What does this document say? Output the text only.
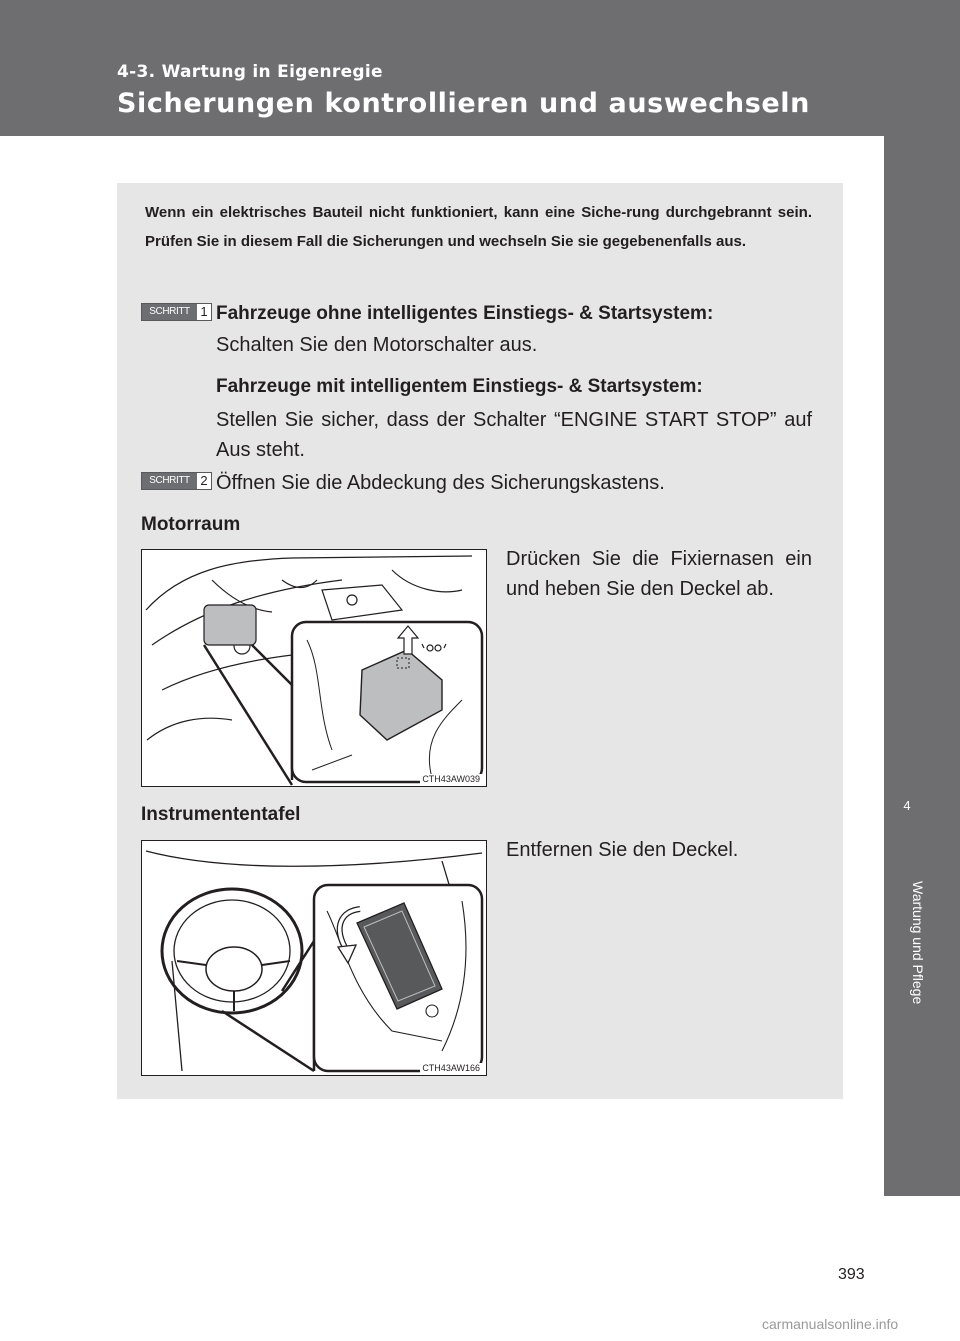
4-3. Wartung in Eigenregie
Sicherungen kontrollieren und auswechseln
4
Wartung und Pflege
Wenn ein elektrisches Bauteil nicht funktioniert, kann eine Siche-rung durchgebrannt sein. Prüfen Sie in diesem Fall die Sicherungen und wechseln Sie sie gegebenenfalls aus.
SCHRITT 1 Fahrzeuge ohne intelligentes Einstiegs- & Startsystem:
Schalten Sie den Motorschalter aus.
Fahrzeuge mit intelligentem Einstiegs- & Startsystem:
Stellen Sie sicher, dass der Schalter “ENGINE START STOP” auf Aus steht.
SCHRITT 2 Öffnen Sie die Abdeckung des Sicherungskastens.
Motorraum
Drücken Sie die Fixiernasen ein und heben Sie den Deckel ab.
CTH43AW039
Instrumententafel
Entfernen Sie den Deckel.
CTH43AW166
393
carmanualsonline.info
